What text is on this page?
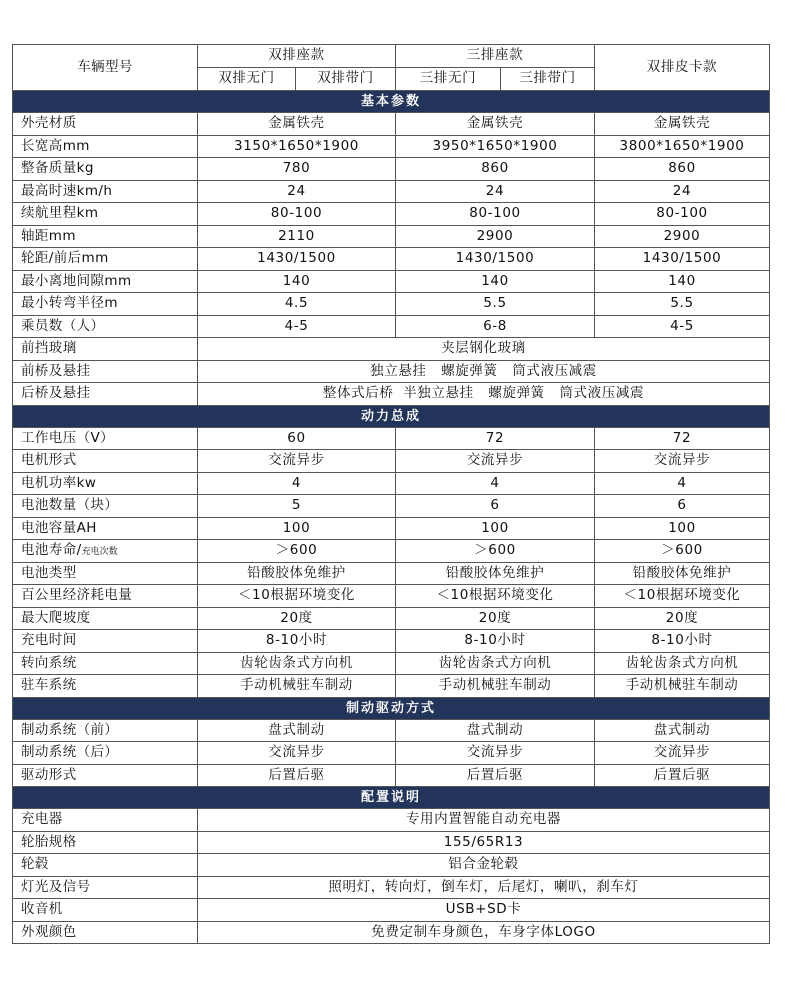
车辆型号	双排座款		三排座款		双排皮卡款
	双排无门	双排带门	三排无门	三排带门	
基本参数					
外壳材质	金属铁壳		金属铁壳		金属铁壳
长宽高mm	3150*1650*1900		3950*1650*1900		3800*1650*1900
整备质量kg	780		860		860
最高时速km/h	24		24		24
续航里程km	80-100		80-100		80-100
轴距mm	2110		2900		2900
轮距/前后mm	1430/1500		1430/1500		1430/1500
最小离地间隙mm	140		140		140
最小转弯半径m	4.5		5.5		5.5
乘员数（人）	4-5		6-8		4-5
前挡玻璃	夹层钢化玻璃				
前桥及悬挂	独立悬挂   螺旋弹簧   筒式液压减震				
后桥及悬挂	整体式后桥  半独立悬挂   螺旋弹簧   筒式液压减震				
动力总成					
工作电压（V）	60		72		72
电机形式	交流异步		交流异步		交流异步
电机功率kw	4		4		4
电池数量（块）	5		6		6
电池容量AH	100		100		100
电池寿命/充电次数	＞600		＞600		＞600
电池类型	铅酸胶体免维护		铅酸胶体免维护		铅酸胶体免维护
百公里经济耗电量	＜10根据环境变化		＜10根据环境变化		＜10根据环境变化
最大爬坡度	20度		20度		20度
充电时间	8-10小时		8-10小时		8-10小时
转向系统	齿轮齿条式方向机		齿轮齿条式方向机		齿轮齿条式方向机
驻车系统	手动机械驻车制动		手动机械驻车制动		手动机械驻车制动
制动驱动方式					
制动系统（前）	盘式制动		盘式制动		盘式制动
制动系统（后）	交流异步		交流异步		交流异步
驱动形式	后置后驱		后置后驱		后置后驱
配置说明					
充电器	专用内置智能自动充电器				
轮胎规格	155/65R13				
轮毂	铝合金轮毂				
灯光及信号	照明灯，转向灯，倒车灯，后尾灯，喇叭，刹车灯				
收音机	USB+SD卡				
外观颜色	免费定制车身颜色，车身字体LOGO				
